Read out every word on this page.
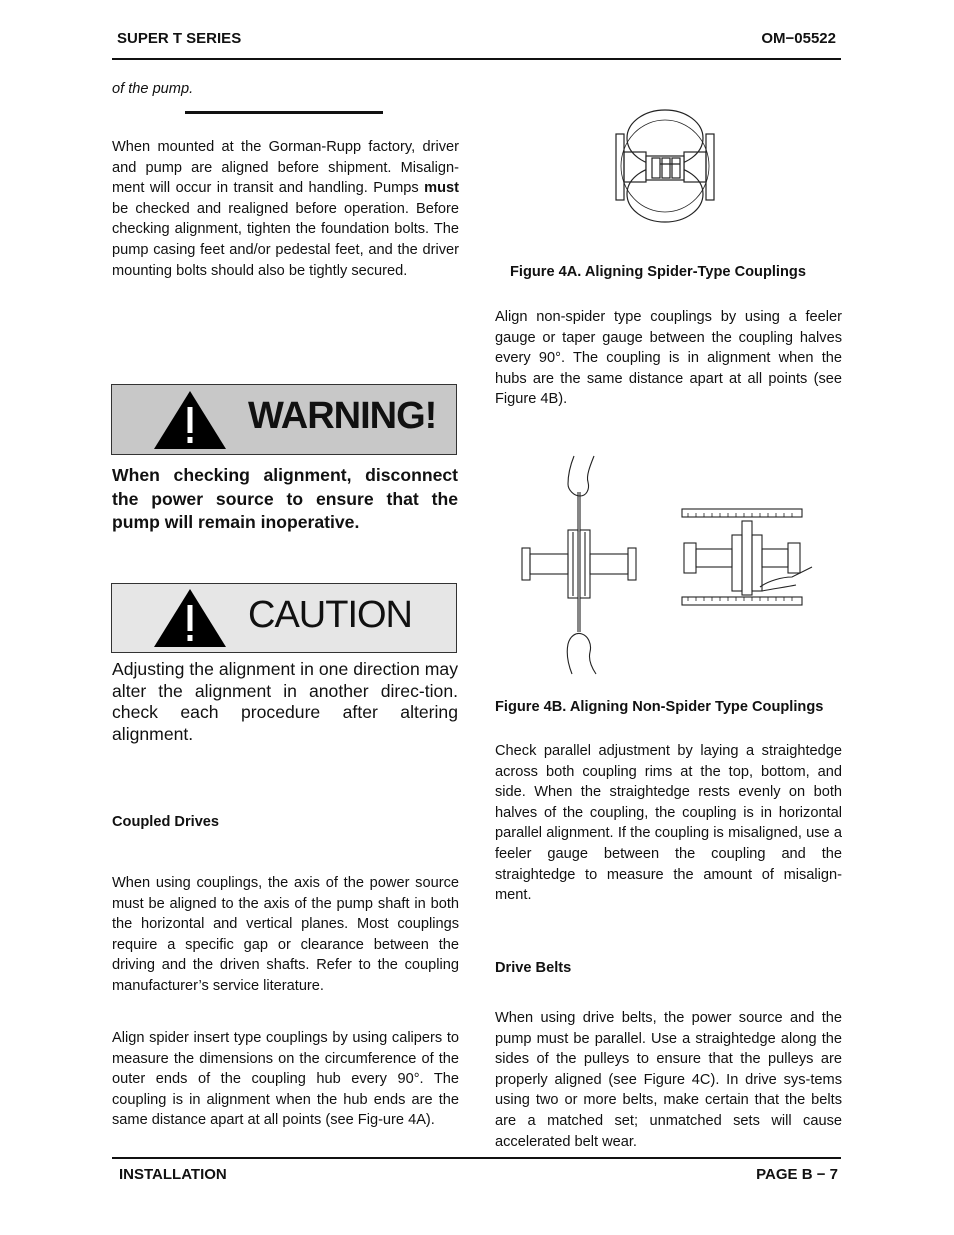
SUPER T SERIES	OM−05522
of the pump.
When mounted at the Gorman-Rupp factory, driver and pump are aligned before shipment. Misalign-ment will occur in transit and handling. Pumps must be checked and realigned before operation. Before checking alignment, tighten the foundation bolts. The pump casing feet and/or pedestal feet, and the driver mounting bolts should also be tightly secured.
WARNING!
When checking alignment, disconnect the power source to ensure that the pump will remain inoperative.
CAUTION
Adjusting the alignment in one direction may alter the alignment in another direc-tion. check each procedure after altering alignment.
Coupled Drives
When using couplings, the axis of the power source must be aligned to the axis of the pump shaft in both the horizontal and vertical planes. Most couplings require a specific gap or clearance between the driving and the driven shafts. Refer to the coupling manufacturer’s service literature.
Align spider insert type couplings by using calipers to measure the dimensions on the circumference of the outer ends of the coupling hub every 90°. The coupling is in alignment when the hub ends are the same distance apart at all points (see Fig-ure 4A).
Figure 4A. Aligning Spider-Type Couplings
Align non-spider type couplings by using a feeler gauge or taper gauge between the coupling halves every 90°. The coupling is in alignment when the hubs are the same distance apart at all points (see Figure 4B).
Figure 4B. Aligning Non-Spider Type Couplings
Check parallel adjustment by laying a straightedge across both coupling rims at the top, bottom, and side. When the straightedge rests evenly on both halves of the coupling, the coupling is in horizontal parallel alignment. If the coupling is misaligned, use a feeler gauge between the coupling and the straightedge to measure the amount of misalign-ment.
Drive Belts
When using drive belts, the power source and the pump must be parallel. Use a straightedge along the sides of the pulleys to ensure that the pulleys are properly aligned (see Figure 4C). In drive sys-tems using two or more belts, make certain that the belts are a matched set; unmatched sets will cause accelerated belt wear.
INSTALLATION	PAGE B − 7
